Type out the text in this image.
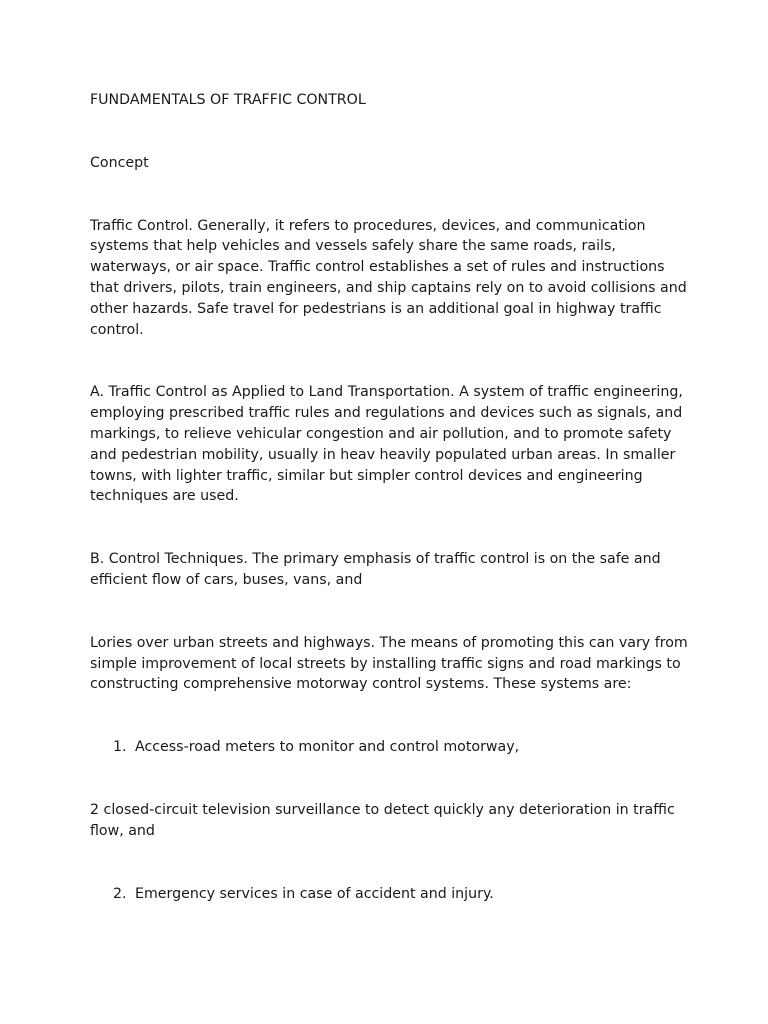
FUNDAMENTALS OF TRAFFIC CONTROL

Concept

Traffic Control. Generally, it refers to procedures, devices, and communication systems that help vehicles and vessels safely share the same roads, rails, waterways, or air space. Traffic control establishes a set of rules and instructions that drivers, pilots, train engineers, and ship captains rely on to avoid collisions and other hazards. Safe travel for pedestrians is an additional goal in highway traffic control.

A. Traffic Control as Applied to Land Transportation. A system of traffic engineering, employing prescribed traffic rules and regulations and devices such as signals, and markings, to relieve vehicular congestion and air pollution, and to promote safety and pedestrian mobility, usually in heav heavily populated urban areas. In smaller towns, with lighter traffic, similar but simpler control devices and engineering techniques are used.

B. Control Techniques. The primary emphasis of traffic control is on the safe and efficient flow of cars, buses, vans, and

Lories over urban streets and highways. The means of promoting this can vary from simple improvement of local streets by installing traffic signs and road markings to constructing comprehensive motorway control systems. These systems are:

1. Access-road meters to monitor and control motorway,

2 closed-circuit television surveillance to detect quickly any deterioration in traffic flow, and

2. Emergency services in case of accident and injury.
